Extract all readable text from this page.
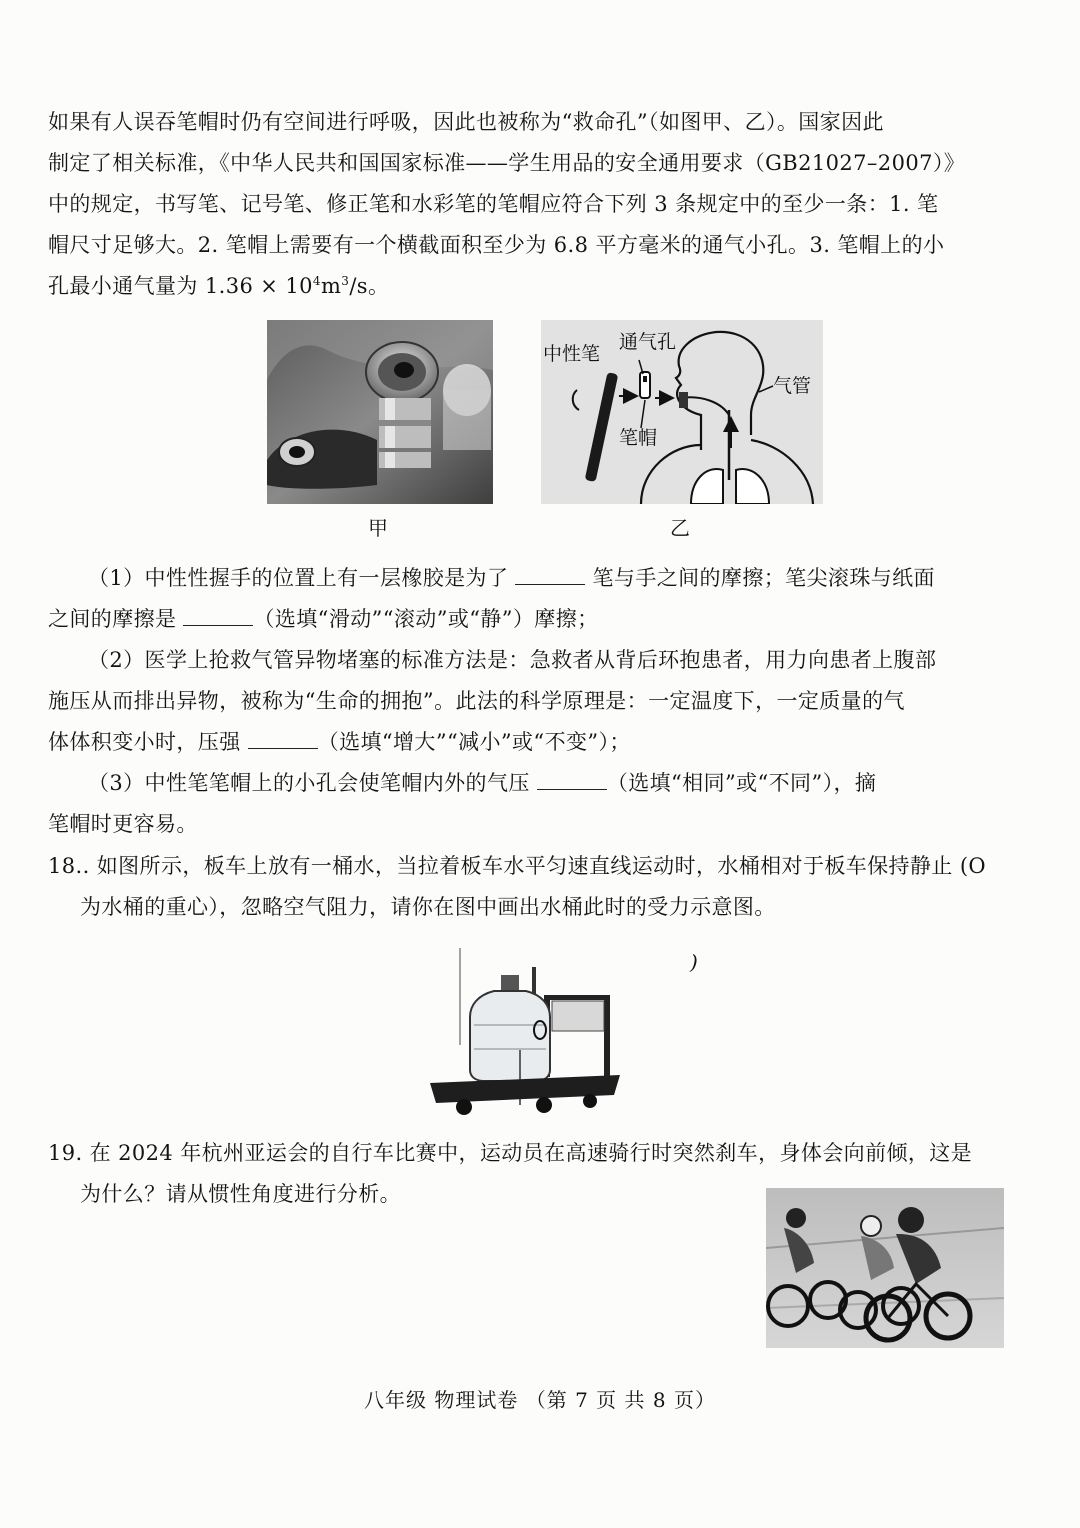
如果有人误吞笔帽时仍有空间进行呼吸，因此也被称为“救命孔”（如图甲、乙）。国家因此
制定了相关标准，《中华人民共和国国家标准——学生用品的安全通用要求（GB21027–2007）》
中的规定，书写笔、记号笔、修正笔和水彩笔的笔帽应符合下列 3 条规定中的至少一条：1. 笔
帽尺寸足够大。2. 笔帽上需要有一个横截面积至少为 6.8 平方毫米的通气小孔。3. 笔帽上的小
孔最小通气量为 $1.36 \times 10^4m^3/s$。
甲
中性笔
通气孔
气管
笔帽
乙
（1）中性性握手的位置上有一层橡胶是为了	笔与手之间的摩擦；笔尖滚珠与纸面
之间的摩擦是	（选填“滑动”“滚动”或“静”）摩擦；
（2）医学上抢救气管异物堵塞的标准方法是：急救者从背后环抱患者，用力向患者上腹部
施压从而排出异物，被称为“生命的拥抱”。此法的科学原理是：一定温度下，一定质量的气
体体积变小时，压强	（选填“增大”“减小”或“不变”）；
（3）中性笔笔帽上的小孔会使笔帽内外的气压	（选填“相同”或“不同”），摘
笔帽时更容易。
18.. 如图所示，板车上放有一桶水，当拉着板车水平匀速直线运动时，水桶相对于板车保持静止 (O
为水桶的重心），忽略空气阻力，请你在图中画出水桶此时的受力示意图。
)
19. 在 2024 年杭州亚运会的自行车比赛中，运动员在高速骑行时突然刹车，身体会向前倾，这是
为什么？请从惯性角度进行分析。
八年级 物理试卷 （第 7 页 共 8 页）
